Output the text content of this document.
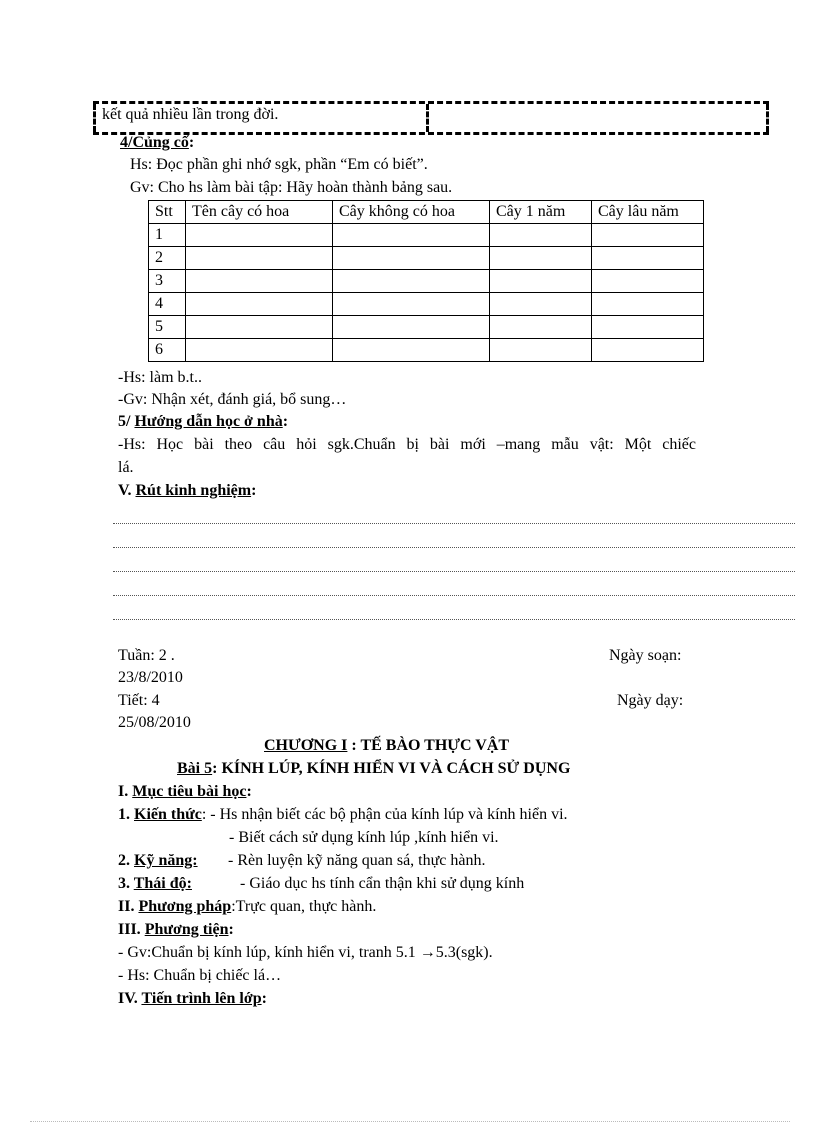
kết quả nhiều lần trong đời.
4/Củng cố:
Hs: Đọc phần ghi nhớ sgk, phần “Em có biết”.
Gv: Cho hs làm bài tập: Hãy hoàn thành bảng sau.
Stt	Tên cây có hoa	Cây không có hoa	Cây 1 năm	Cây lâu năm
1				
2				
3				
4				
5				
6				
-Hs: làm b.t..
-Gv: Nhận xét, đánh giá, bổ sung…
5/ Hướng dẫn học ở nhà:
-Hs: Học bài theo câu hỏi sgk.Chuẩn bị bài mới –mang mẫu vật: Một chiếc
lá.
V. Rút kinh nghiệm:
Tuần: 2 .	Ngày soạn:
23/8/2010
Tiết: 4	Ngày dạy:
25/08/2010
CHƯƠNG I : TẾ BÀO THỰC VẬT
Bài 5: KÍNH LÚP, KÍNH HIỂN VI VÀ CÁCH SỬ DỤNG
I. Mục tiêu bài học:
1. Kiến thức: - Hs nhận biết các bộ phận của kính lúp và kính hiển vi.
- Biết cách sử dụng kính lúp ,kính hiển vi.
2. Kỹ năng: - Rèn luyện kỹ năng quan sá, thực hành.
3. Thái độ:	- Giáo dục hs tính cẩn thận khi sử dụng kính
II. Phương pháp:Trực quan, thực hành.
III. Phương tiện:
- Gv:Chuẩn bị kính lúp, kính hiển vi, tranh 5.1 →5.3(sgk).
- Hs: Chuẩn bị chiếc lá…
IV. Tiến trình lên lớp:
